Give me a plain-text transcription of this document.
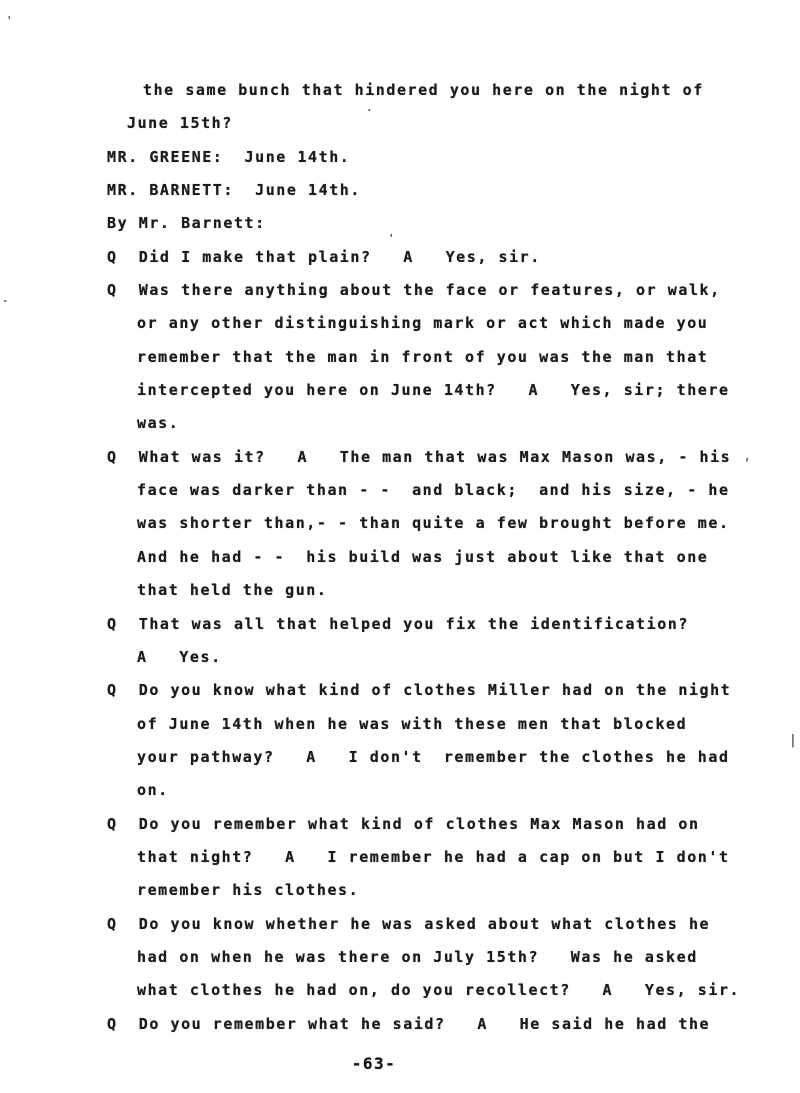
the same bunch that hindered you here on the night of
June 15th?
MR. GREENE:  June 14th.
MR. BARNETT:  June 14th.
By Mr. Barnett:
Q  Did I make that plain?   A   Yes, sir.
Q  Was there anything about the face or features, or walk,
or any other distinguishing mark or act which made you
remember that the man in front of you was the man that
intercepted you here on June 14th?   A   Yes, sir; there
was.
Q  What was it?   A   The man that was Max Mason was, - his
face was darker than - -  and black;  and his size, - he
was shorter than,- - than quite a few brought before me.
And he had - -  his build was just about like that one
that held the gun.
Q  That was all that helped you fix the identification?
A   Yes.
Q  Do you know what kind of clothes Miller had on the night
of June 14th when he was with these men that blocked
your pathway?   A   I don't  remember the clothes he had
on.
Q  Do you remember what kind of clothes Max Mason had on
that night?   A   I remember he had a cap on but I don't
remember his clothes.
Q  Do you know whether he was asked about what clothes he
had on when he was there on July 15th?   Was he asked
what clothes he had on, do you recollect?   A   Yes, sir.
Q  Do you remember what he said?   A   He said he had the
-63-
'
.
,
|
'
·
